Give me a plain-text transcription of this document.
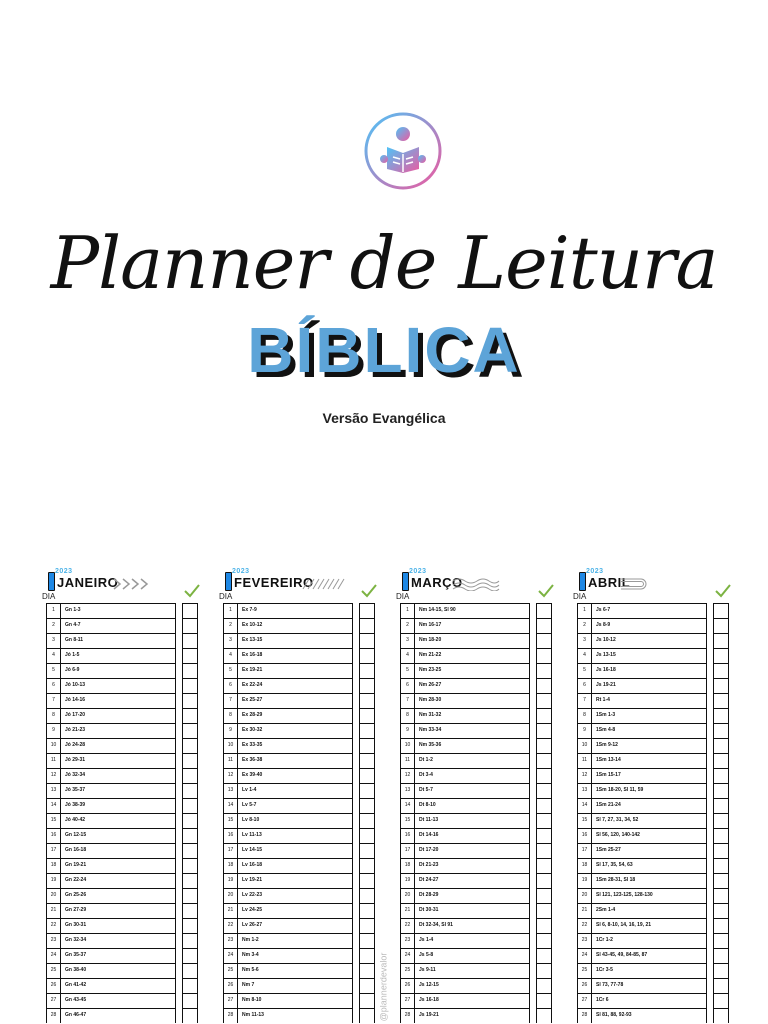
Planner de Leitura
BÍBLICA
Versão Evangélica
2023
JANEIRO
DIA
1	Gn 1-3
2	Gn 4-7
3	Gn 8-11
4	Jó 1-5
5	Jó 6-9
6	Jó 10-13
7	Jó 14-16
8	Jó 17-20
9	Jó 21-23
10	Jó 24-28
11	Jó 29-31
12	Jó 32-34
13	Jó 35-37
14	Jó 38-39
15	Jó 40-42
16	Gn 12-15
17	Gn 16-18
18	Gn 19-21
19	Gn 22-24
20	Gn 25-26
21	Gn 27-29
22	Gn 30-31
23	Gn 32-34
24	Gn 35-37
25	Gn 38-40
26	Gn 41-42
27	Gn 43-45
28	Gn 46-47
2023
FEVEREIRO
DIA
1	Ex 7-9
2	Ex 10-12
3	Ex 13-15
4	Ex 16-18
5	Ex 19-21
6	Ex 22-24
7	Ex 25-27
8	Ex 28-29
9	Ex 30-32
10	Ex 33-35
11	Ex 36-38
12	Ex 39-40
13	Lv 1-4
14	Lv 5-7
15	Lv 8-10
16	Lv 11-13
17	Lv 14-15
18	Lv 16-18
19	Lv 19-21
20	Lv 22-23
21	Lv 24-25
22	Lv 26-27
23	Nm 1-2
24	Nm 3-4
25	Nm 5-6
26	Nm 7
27	Nm 8-10
28	Nm 11-13
2023
MARÇO
DIA
1	Nm 14-15, Sl 90
2	Nm 16-17
3	Nm 18-20
4	Nm 21-22
5	Nm 23-25
6	Nm 26-27
7	Nm 28-30
8	Nm 31-32
9	Nm 33-34
10	Nm 35-36
11	Dt 1-2
12	Dt 3-4
13	Dt 5-7
14	Dt 8-10
15	Dt 11-13
16	Dt 14-16
17	Dt 17-20
18	Dt 21-23
19	Dt 24-27
20	Dt 28-29
21	Dt 30-31
22	Dt 32-34, Sl 91
23	Js 1-4
24	Js 5-8
25	Js 9-11
26	Js 12-15
27	Js 16-18
28	Js 19-21
2023
ABRIL
DIA
1	Js 6-7
2	Js 8-9
3	Js 10-12
4	Js 13-15
5	Js 16-18
6	Js 19-21
7	Rt 1-4
8	1Sm 1-3
9	1Sm 4-8
10	1Sm 9-12
11	1Sm 13-14
12	1Sm 15-17
13	1Sm 18-20, Sl 11, 59
14	1Sm 21-24
15	Sl 7, 27, 31, 34, 52
16	Sl 56, 120, 140-142
17	1Sm 25-27
18	Sl 17, 35, 54, 63
19	1Sm 28-31, Sl 18
20	Sl 121, 123-125, 128-130
21	2Sm 1-4
22	Sl 6, 8-10, 14, 16, 19, 21
23	1Cr 1-2
24	Sl 43-45, 49, 84-85, 87
25	1Cr 3-5
26	Sl 73, 77-78
27	1Cr 6
28	Sl 81, 88, 92-93
@plannerdevalor
